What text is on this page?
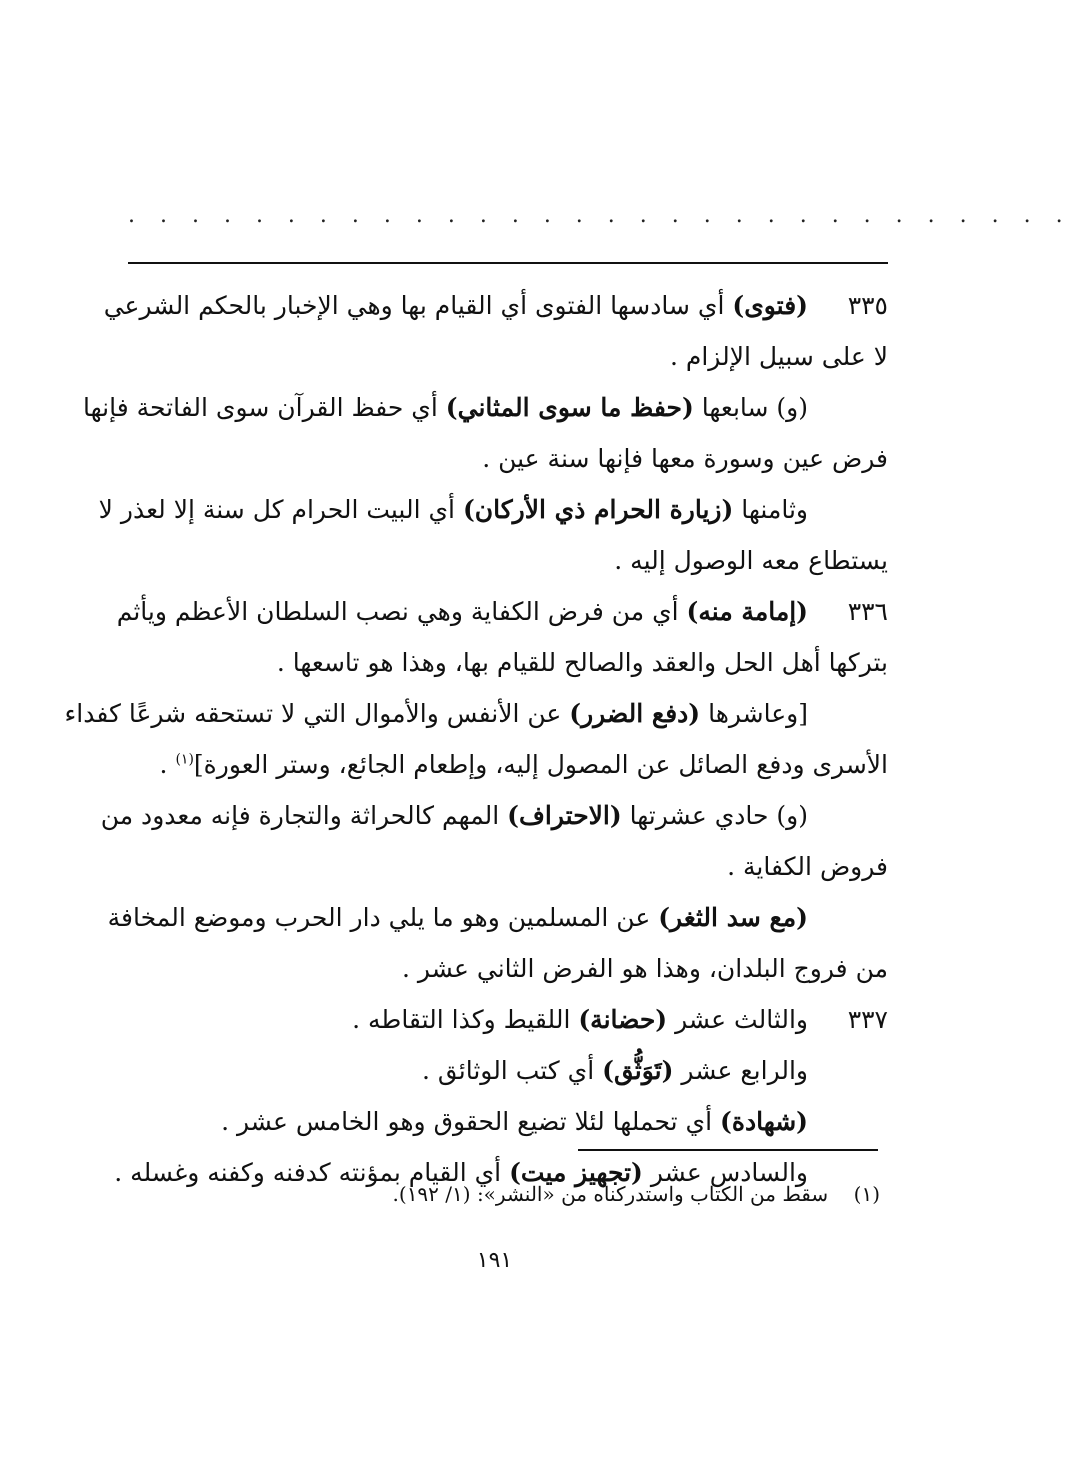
. . . . . . . . . . . . . . . . . . . . . . . . . . . . . .
٣٣٥(فتوى) أي سادسها الفتوى أي القيام بها وهي الإخبار بالحكم الشرعي
لا على سبيل الإلزام .
(و) سابعها (حفظ ما سوى المثاني) أي حفظ القرآن سوى الفاتحة فإنها
فرض عين وسورة معها فإنها سنة عين .
وثامنها (زيارة الحرام ذي الأركان) أي البيت الحرام كل سنة إلا لعذر لا
يستطاع معه الوصول إليه .
٣٣٦(إمامة منه) أي من فرض الكفاية وهي نصب السلطان الأعظم ويأثم
بتركها أهل الحل والعقد والصالح للقيام بها، وهذا هو تاسعها .
[وعاشرها (دفع الضرر) عن الأنفس والأموال التي لا تستحقه شرعًا كفداء
الأسرى ودفع الصائل عن المصول إليه، وإطعام الجائع، وستر العورة]$^{(١)}$ .
(و) حادي عشرتها (الاحتراف) المهم كالحراثة والتجارة فإنه معدود من
فروض الكفاية .
(مع سد الثغر) عن المسلمين وهو ما يلي دار الحرب وموضع المخافة
من فروج البلدان، وهذا هو الفرض الثاني عشر .
٣٣٧والثالث عشر (حضانة) اللقيط وكذا التقاطه .
والرابع عشر (تَوَثُّق) أي كتب الوثائق .
(شهادة) أي تحملها لئلا تضيع الحقوق وهو الخامس عشر .
والسادس عشر (تجهيز ميت) أي القيام بمؤنته كدفنه وكفنه وغسله .
(١)    سقط من الكتاب واستدركناه من «النشر»: (١/ ١٩٢).
١٩١
